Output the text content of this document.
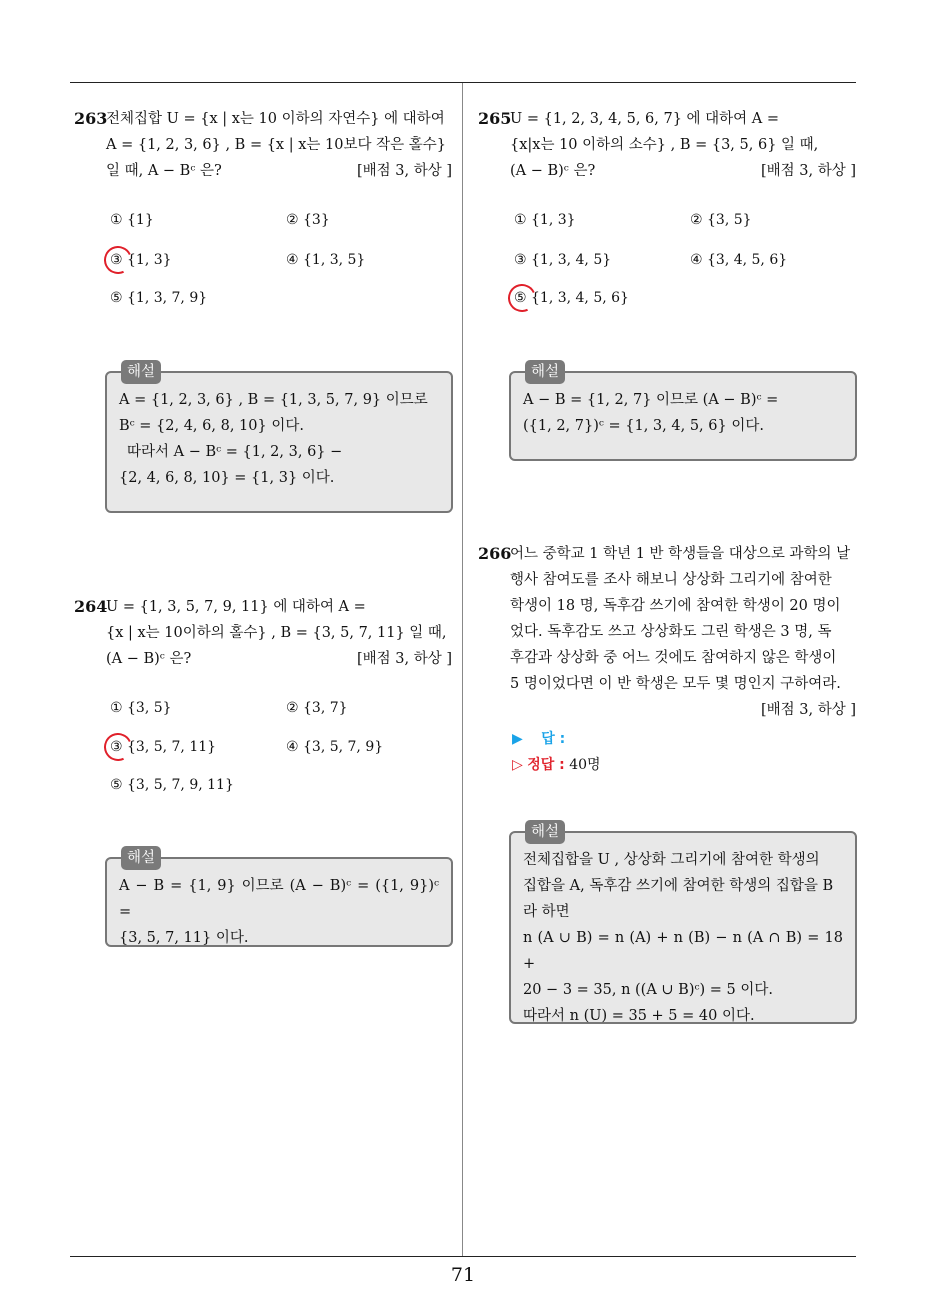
263
전체집합 U = {x | x는 10 이하의 자연수} 에 대하여
A = {1, 2, 3, 6} , B = {x | x는 10보다 작은 홀수}
일 때, A − Bᶜ 은?	[배점 3, 하상 ]
① {1}	② {3}
③ {1, 3}	④ {1, 3, 5}
⑤ {1, 3, 7, 9}
해설

A = {1, 2, 3, 6} , B = {1, 3, 5, 7, 9} 이므로

Bᶜ = {2, 4, 6, 8, 10} 이다.

따라서 A − Bᶜ = {1, 2, 3, 6} −

{2, 4, 6, 8, 10} = {1, 3} 이다.

264
U = {1, 3, 5, 7, 9, 11} 에 대하여 A =
{x | x는 10이하의 홀수} , B = {3, 5, 7, 11} 일 때,
(A − B)ᶜ 은?	[배점 3, 하상 ]
① {3, 5}	② {3, 7}
③ {3, 5, 7, 11}	④ {3, 5, 7, 9}
⑤ {3, 5, 7, 9, 11}
해설

A − B = {1, 9} 이므로 (A − B)ᶜ = ({1, 9})ᶜ =

{3, 5, 7, 11} 이다.

265
U = {1, 2, 3, 4, 5, 6, 7} 에 대하여 A =
{x|x는 10 이하의 소수} , B = {3, 5, 6} 일 때,
(A − B)ᶜ 은?	[배점 3, 하상 ]
① {1, 3}	② {3, 5}
③ {1, 3, 4, 5}	④ {3, 4, 5, 6}
⑤ {1, 3, 4, 5, 6}
해설

A − B = {1, 2, 7} 이므로 (A − B)ᶜ =

({1, 2, 7})ᶜ = {1, 3, 4, 5, 6} 이다.

266
어느 중학교 1 학년 1 반 학생들을 대상으로 과학의 날
행사 참여도를 조사 해보니 상상화 그리기에 참여한
학생이 18 명, 독후감 쓰기에 참여한 학생이 20 명이
었다. 독후감도 쓰고 상상화도 그린 학생은 3 명, 독
후감과 상상화 중 어느 것에도 참여하지 않은 학생이
5 명이었다면 이 반 학생은 모두 몇 명인지 구하여라.
[배점 3, 하상 ]
▶ 답 :
▷ 정답 : 40명
해설

전체집합을 U , 상상화 그리기에 참여한 학생의

집합을 A, 독후감 쓰기에 참여한 학생의 집합을 B

라 하면

n (A ∪ B) = n (A) + n (B) − n (A ∩ B) = 18 +

20 − 3 = 35, n ((A ∪ B)ᶜ) = 5 이다.

따라서 n (U) = 35 + 5 = 40 이다.

71
